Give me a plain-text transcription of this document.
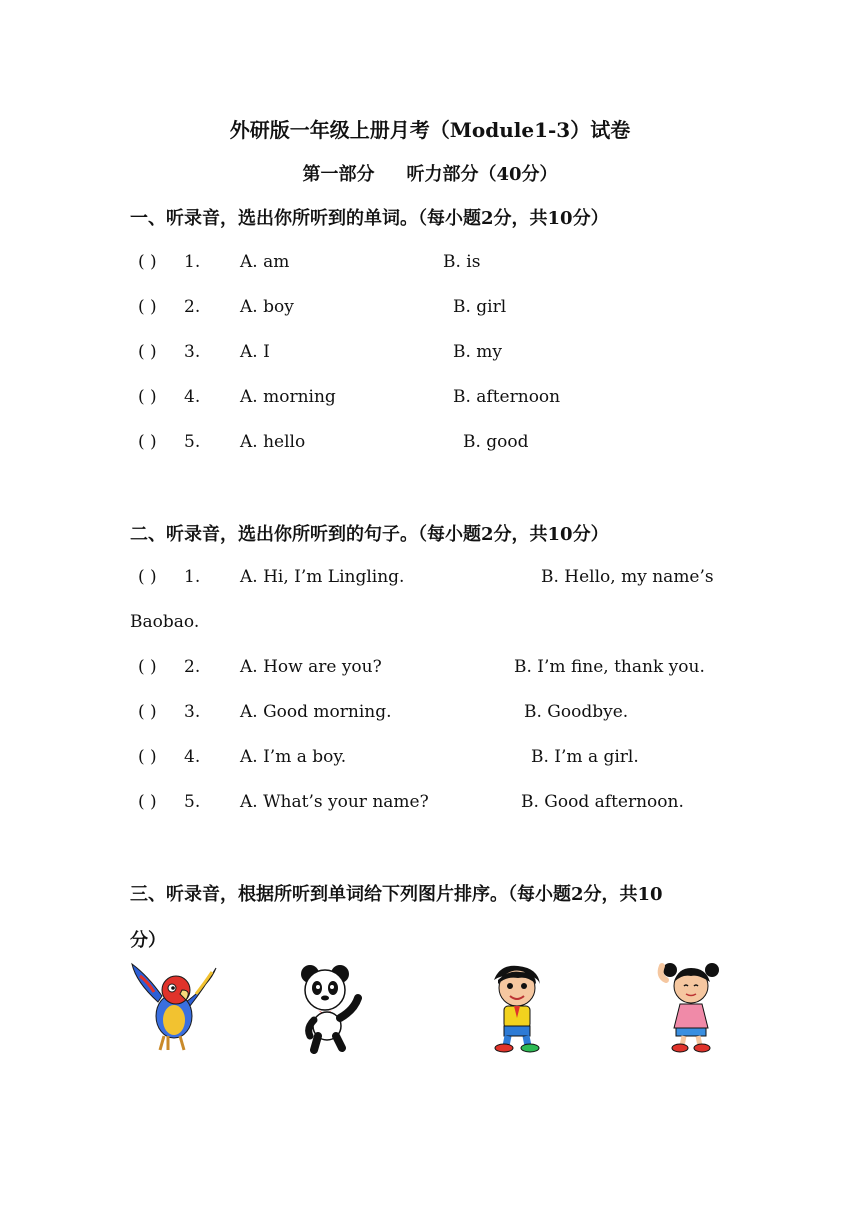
外研版一年级上册月考（Module1-3）试卷
第一部分 听力部分（40分）
一、听录音，选出你所听到的单词。（每小题2分，共10分）
( ) 1. A. am	B. is
( ) 2. A. boy	B. girl
( ) 3. A. I	B. my
( ) 4. A. morning	B. afternoon
( ) 5. A. hello	B. good
二、听录音，选出你所听到的句子。（每小题2分，共10分）
( ) 1. A. Hi, I’m Lingling.	B. Hello, my name’s
Baobao.
( ) 2. A. How are you?	B. I’m fine, thank you.
( ) 3. A. Good morning.	B. Goodbye.
( ) 4. A. I’m a boy.	B. I’m a girl.
( ) 5. A. What’s your name?	B. Good afternoon.
三、听录音，根据所听到单词给下列图片排序。（每小题2分，共10
分）
